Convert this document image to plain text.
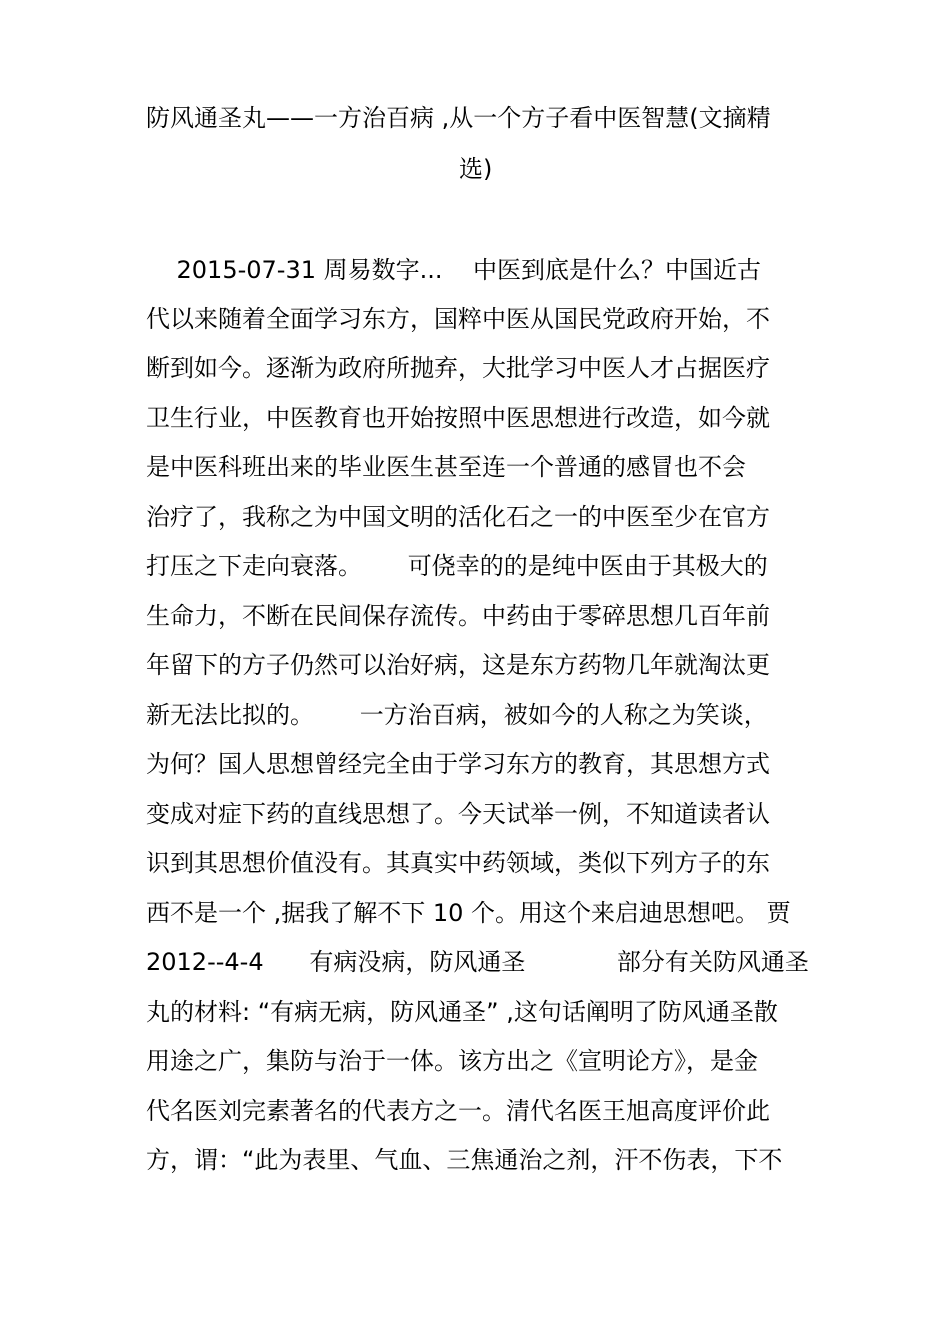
防风通圣丸——一方治百病 ,从一个方子看中医智慧(文摘精
选)
2015-07-31 周易数字...    中医到底是什么？中国近古
代以来随着全面学习东方，国粹中医从国民党政府开始，不
断到如今。逐渐为政府所抛弃，大批学习中医人才占据医疗
卫生行业，中医教育也开始按照中医思想进行改造，如今就
是中医科班出来的毕业医生甚至连一个普通的感冒也不会
治疗了，我称之为中国文明的活化石之一的中医至少在官方
打压之下走向衰落。      可侥幸的的是纯中医由于其极大的
生命力，不断在民间保存流传。中药由于零碎思想几百年前
年留下的方子仍然可以治好病，这是东方药物几年就淘汰更
新无法比拟的。      一方治百病，被如今的人称之为笑谈，
为何？国人思想曾经完全由于学习东方的教育，其思想方式
变成对症下药的直线思想了。今天试举一例，不知道读者认
识到其思想价值没有。其真实中药领域，类似下列方子的东
西不是一个 ,据我了解不下 10 个。用这个来启迪思想吧。 贾
2012--4-4      有病没病，防风通圣            部分有关防风通圣
丸的材料: “有病无病，防风通圣” ,这句话阐明了防风通圣散
用途之广，集防与治于一体。该方出之《宣明论方》，是金
代名医刘完素著名的代表方之一。清代名医王旭高度评价此
方，谓：“此为表里、气血、三焦通治之剂，汗不伤表，下不
